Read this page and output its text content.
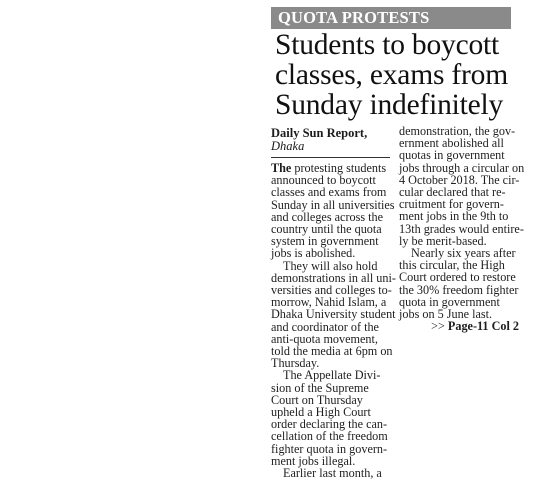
QUOTA PROTESTS
Students to boycott
classes, exams from
Sunday indefinitely
Daily Sun Report,
Dhaka
The protesting students
announced to boycott
classes and exams from
Sunday in all universities
and colleges across the
country until the quota
system in government
jobs is abolished.
They will also hold
demonstrations in all uni-
versities and colleges to-
morrow, Nahid Islam, a
Dhaka University student
and coordinator of the
anti-quota movement,
told the media at 6pm on
Thursday.
The Appellate Divi-
sion of the Supreme
Court on Thursday
upheld a High Court
order declaring the can-
cellation of the freedom
fighter quota in govern-
ment jobs illegal.
Earlier last month, a
demonstration, the gov-
ernment abolished all
quotas in government
jobs through a circular on
4 October 2018. The cir-
cular declared that re-
cruitment for govern-
ment jobs in the 9th to
13th grades would entire-
ly be merit-based.
Nearly six years after
this circular, the High
Court ordered to restore
the 30% freedom fighter
quota in government
jobs on 5 June last.
>> Page-11 Col 2
